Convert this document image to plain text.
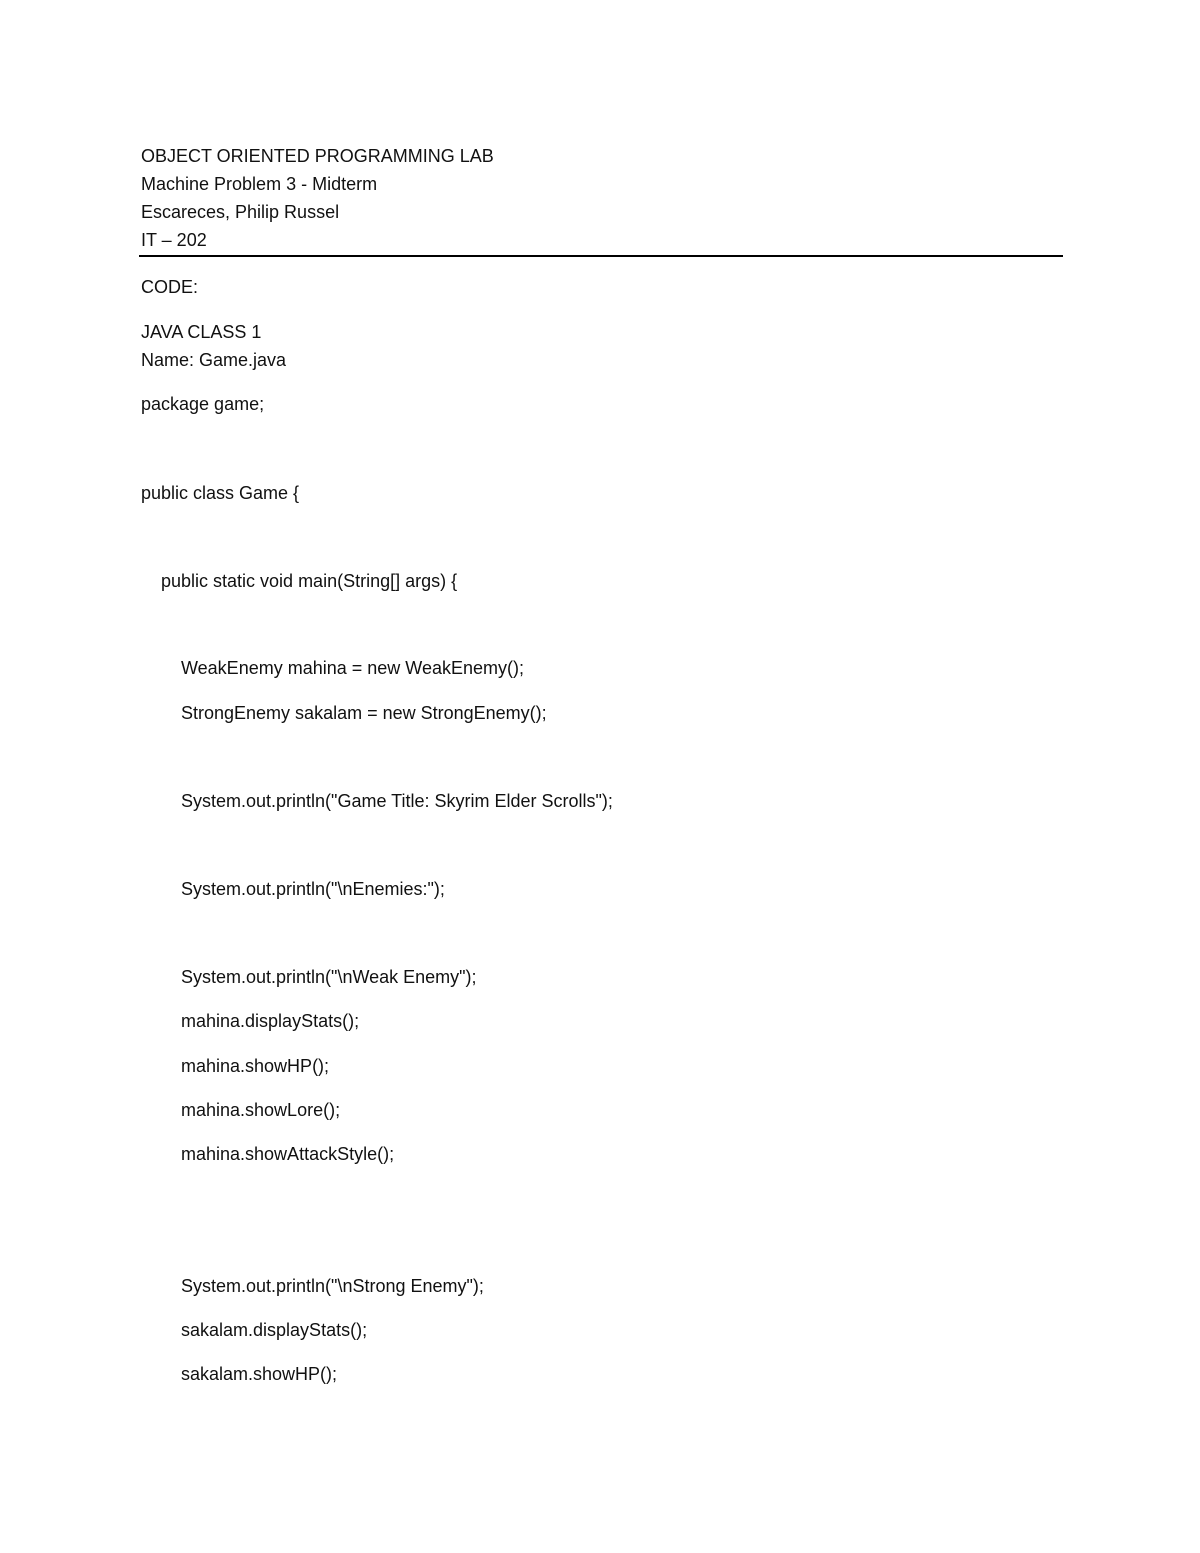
OBJECT ORIENTED PROGRAMMING LAB
Machine Problem 3 - Midterm
Escareces, Philip Russel
IT – 202
CODE:
JAVA CLASS 1
Name: Game.java
package game;
public class Game {
public static void main(String[] args) {
WeakEnemy mahina = new WeakEnemy();
StrongEnemy sakalam = new StrongEnemy();
System.out.println("Game Title: Skyrim Elder Scrolls");
System.out.println("\nEnemies:");
System.out.println("\nWeak Enemy");
mahina.displayStats();
mahina.showHP();
mahina.showLore();
mahina.showAttackStyle();
System.out.println("\nStrong Enemy");
sakalam.displayStats();
sakalam.showHP();
